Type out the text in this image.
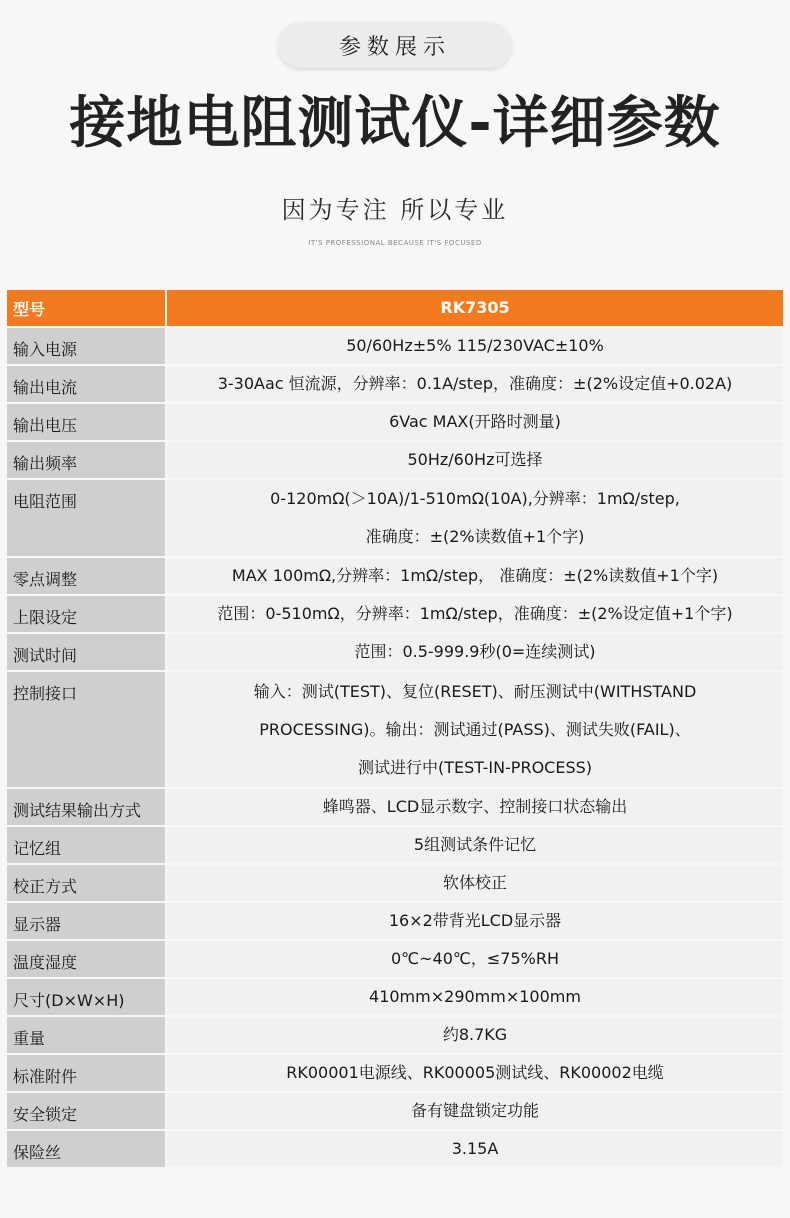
参数展示
接地电阻测试仪-详细参数
因为专注 所以专业
IT'S PROFESSIONAL BECAUSE IT'S FOCUSED
型号	RK7305
输入电源	50/60Hz±5% 115/230VAC±10%
输出电流	3-30Aac 恒流源，分辨率：0.1A/step，准确度：±(2%设定值+0.02A)
输出电压	6Vac MAX(开路时测量)
输出频率	50Hz/60Hz可选择
电阻范围	0-120mΩ(＞10A)/1-510mΩ(10A),分辨率：1mΩ/step,
准确度：±(2%读数值+1个字)

零点调整	MAX 100mΩ,分辨率：1mΩ/step， 准确度：±(2%读数值+1个字)
上限设定	范围：0-510mΩ，分辨率：1mΩ/step，准确度：±(2%设定值+1个字)
测试时间	范围：0.5-999.9秒(0=连续测试)
控制接口	输入：测试(TEST)、复位(RESET)、耐压测试中(WITHSTAND
PROCESSING)。输出：测试通过(PASS)、测试失败(FAIL)、
测试进行中(TEST-IN-PROCESS)

测试结果输出方式	蜂鸣器、LCD显示数字、控制接口状态输出
记忆组	5组测试条件记忆
校正方式	软体校正
显示器	16×2带背光LCD显示器
温度湿度	0℃~40℃，≤75%RH
尺寸(D×W×H)	410mm×290mm×100mm
重量	约8.7KG
标准附件	RK00001电源线、RK00005测试线、RK00002电缆
安全锁定	备有键盘锁定功能
保险丝	3.15A
